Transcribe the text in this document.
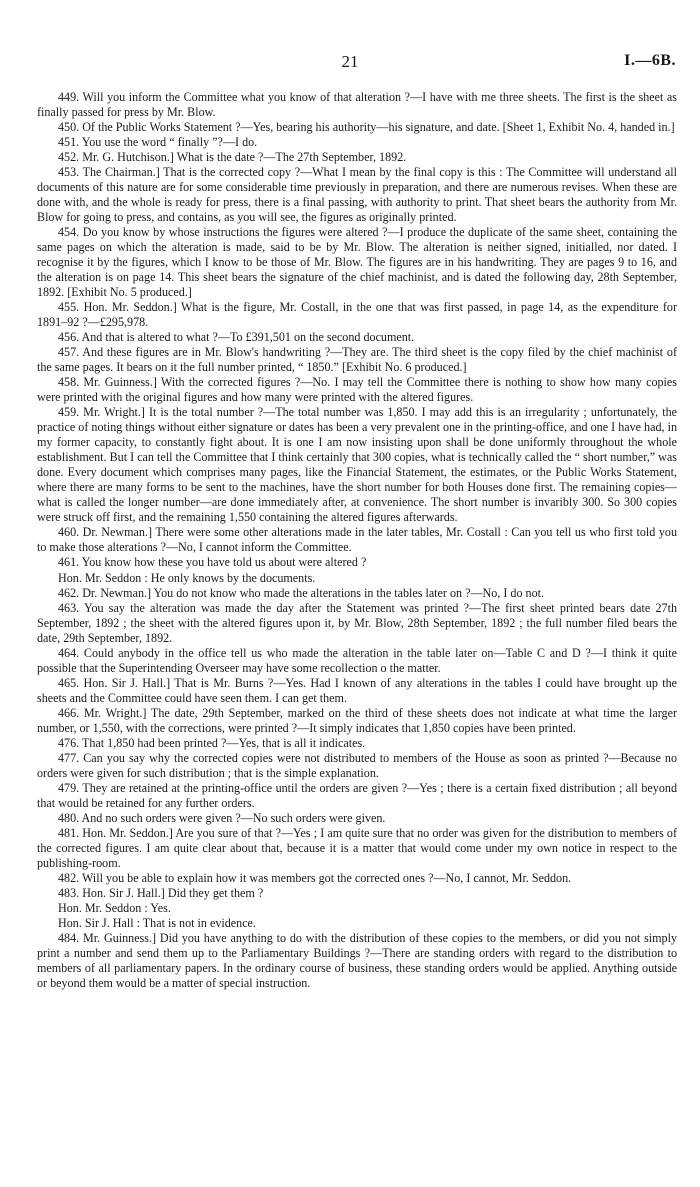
21	I.—6B.

449. Will you inform the Committee what you know of that alteration ?—I have with me three sheets. The first is the sheet as finally passed for press by Mr. Blow.

450. Of the Public Works Statement ?—Yes, bearing his authority—his signature, and date. [Sheet 1, Exhibit No. 4, handed in.]

451. You use the word “ finally ”?—I do.

452. Mr. G. Hutchison.] What is the date ?—The 27th September, 1892.

453. The Chairman.] That is the corrected copy ?—What I mean by the final copy is this : The Committee will understand all documents of this nature are for some considerable time previously in preparation, and there are numerous revises. When these are done with, and the whole is ready for press, there is a final passing, with authority to print. That sheet bears the authority from Mr. Blow for going to press, and contains, as you will see, the figures as originally printed.

454. Do you know by whose instructions the figures were altered ?—I produce the duplicate of the same sheet, containing the same pages on which the alteration is made, said to be by Mr. Blow. The alteration is neither signed, initialled, nor dated. I recognise it by the figures, which I know to be those of Mr. Blow. The figures are in his handwriting. They are pages 9 to 16, and the alteration is on page 14. This sheet bears the signature of the chief machinist, and is dated the following day, 28th September, 1892. [Exhibit No. 5 produced.]

455. Hon. Mr. Seddon.] What is the figure, Mr. Costall, in the one that was first passed, in page 14, as the expenditure for 1891–92 ?—£295,978.

456. And that is altered to what ?—To £391,501 on the second document.

457. And these figures are in Mr. Blow's handwriting ?—They are. The third sheet is the copy filed by the chief machinist of the same pages. It bears on it the full number printed, “ 1850.” [Exhibit No. 6 produced.]

458. Mr. Guinness.] With the corrected figures ?—No. I may tell the Committee there is nothing to show how many copies were printed with the original figures and how many were printed with the altered figures.

459. Mr. Wright.] It is the total number ?—The total number was 1,850. I may add this is an irregularity ; unfortunately, the practice of noting things without either signature or dates has been a very prevalent one in the printing-office, and one I have had, in my former capacity, to constantly fight about. It is one I am now insisting upon shall be done uniformly throughout the whole establishment. But I can tell the Committee that I think certainly that 300 copies, what is technically called the “ short number,” was done. Every document which comprises many pages, like the Financial Statement, the estimates, or the Public Works Statement, where there are many forms to be sent to the machines, have the short number for both Houses done first. The remaining copies—what is called the longer number—are done immediately after, at convenience. The short number is invaribly 300. So 300 copies were struck off first, and the remaining 1,550 containing the altered figures afterwards.

460. Dr. Newman.] There were some other alterations made in the later tables, Mr. Costall : Can you tell us who first told you to make those alterations ?—No, I cannot inform the Committee.

461. You know how these you have told us about were altered ?

Hon. Mr. Seddon : He only knows by the documents.

462. Dr. Newman.] You do not know who made the alterations in the tables later on ?—No, I do not.

463. You say the alteration was made the day after the Statement was printed ?—The first sheet printed bears date 27th September, 1892 ; the sheet with the altered figures upon it, by Mr. Blow, 28th September, 1892 ; the full number filed bears the date, 29th September, 1892.

464. Could anybody in the office tell us who made the alteration in the table later on—Table C and D ?—I think it quite possible that the Superintending Overseer may have some recollection o the matter.

465. Hon. Sir J. Hall.] That is Mr. Burns ?—Yes. Had I known of any alterations in the tables I could have brought up the sheets and the Committee could have seen them. I can get them.

466. Mr. Wright.] The date, 29th September, marked on the third of these sheets does not indicate at what time the larger number, or 1,550, with the corrections, were printed ?—It simply indicates that 1,850 copies have been printed.

476. That 1,850 had been printed ?—Yes, that is all it indicates.

477. Can you say why the corrected copies were not distributed to members of the House as soon as printed ?—Because no orders were given for such distribution ; that is the simple explanation.

479. They are retained at the printing-office until the orders are given ?—Yes ; there is a certain fixed distribution ; all beyond that would be retained for any further orders.

480. And no such orders were given ?—No such orders were given.

481. Hon. Mr. Seddon.] Are you sure of that ?—Yes ; I am quite sure that no order was given for the distribution to members of the corrected figures. I am quite clear about that, because it is a matter that would come under my own notice in respect to the publishing-room.

482. Will you be able to explain how it was members got the corrected ones ?—No, I cannot, Mr. Seddon.

483. Hon. Sir J. Hall.] Did they get them ?

Hon. Mr. Seddon : Yes.

Hon. Sir J. Hall : That is not in evidence.

484. Mr. Guinness.] Did you have anything to do with the distribution of these copies to the members, or did you not simply print a number and send them up to the Parliamentary Buildings ?—There are standing orders with regard to the distribution to members of all parliamentary papers. In the ordinary course of business, these standing orders would be applied. Anything outside or beyond them would be a matter of special instruction.
